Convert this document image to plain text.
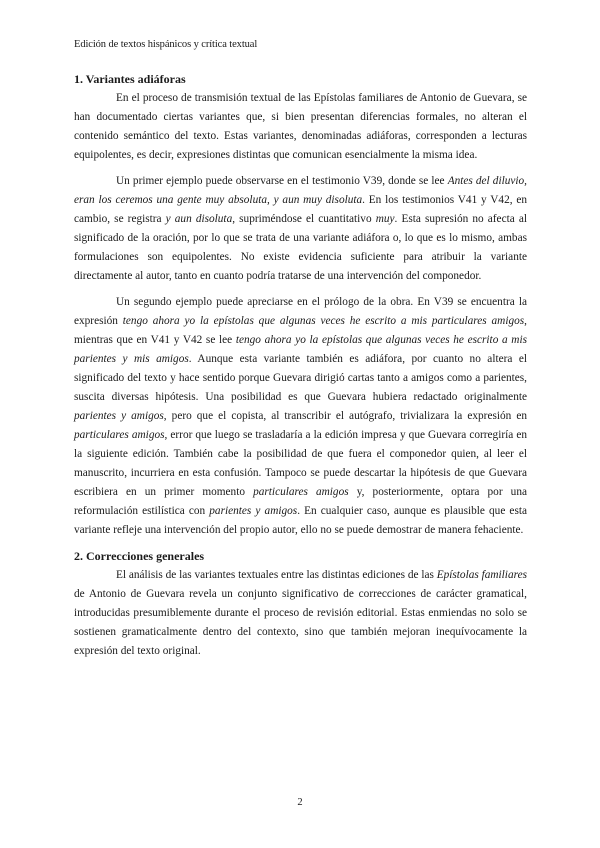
Edición de textos hispánicos y crítica textual
1. Variantes adiáforas

En el proceso de transmisión textual de las Epístolas familiares de Antonio de Guevara, se han documentado ciertas variantes que, si bien presentan diferencias formales, no alteran el contenido semántico del texto. Estas variantes, denominadas adiáforas, corresponden a lecturas equipolentes, es decir, expresiones distintas que comunican esencialmente la misma idea.

Un primer ejemplo puede observarse en el testimonio V39, donde se lee Antes del diluvio, eran los ceremos una gente muy absoluta, y aun muy disoluta. En los testimonios V41 y V42, en cambio, se registra y aun disoluta, supriméndose el cuantitativo muy. Esta supresión no afecta al significado de la oración, por lo que se trata de una variante adiáfora o, lo que es lo mismo, ambas formulaciones son equipolentes. No existe evidencia suficiente para atribuir la variante directamente al autor, tanto en cuanto podría tratarse de una intervención del componedor.

Un segundo ejemplo puede apreciarse en el prólogo de la obra. En V39 se encuentra la expresión tengo ahora yo la epístolas que algunas veces he escrito a mis particulares amigos, mientras que en V41 y V42 se lee tengo ahora yo la epístolas que algunas veces he escrito a mis parientes y mis amigos. Aunque esta variante también es adiáfora, por cuanto no altera el significado del texto y hace sentido porque Guevara dirigió cartas tanto a amigos como a parientes, suscita diversas hipótesis. Una posibilidad es que Guevara hubiera redactado originalmente parientes y amigos, pero que el copista, al transcribir el autógrafo, trivializara la expresión en particulares amigos, error que luego se trasladaría a la edición impresa y que Guevara corregiría en la siguiente edición. También cabe la posibilidad de que fuera el componedor quien, al leer el manuscrito, incurriera en esta confusión. Tampoco se puede descartar la hipótesis de que Guevara escribiera en un primer momento particulares amigos y, posteriormente, optara por una reformulación estilística con parientes y amigos. En cualquier caso, aunque es plausible que esta variante refleje una intervención del propio autor, ello no se puede demostrar de manera fehaciente.

2. Correcciones generales

El análisis de las variantes textuales entre las distintas ediciones de las Epístolas familiares de Antonio de Guevara revela un conjunto significativo de correcciones de carácter gramatical, introducidas presumiblemente durante el proceso de revisión editorial. Estas enmiendas no solo se sostienen gramaticalmente dentro del contexto, sino que también mejoran inequívocamente la expresión del texto original.

2
